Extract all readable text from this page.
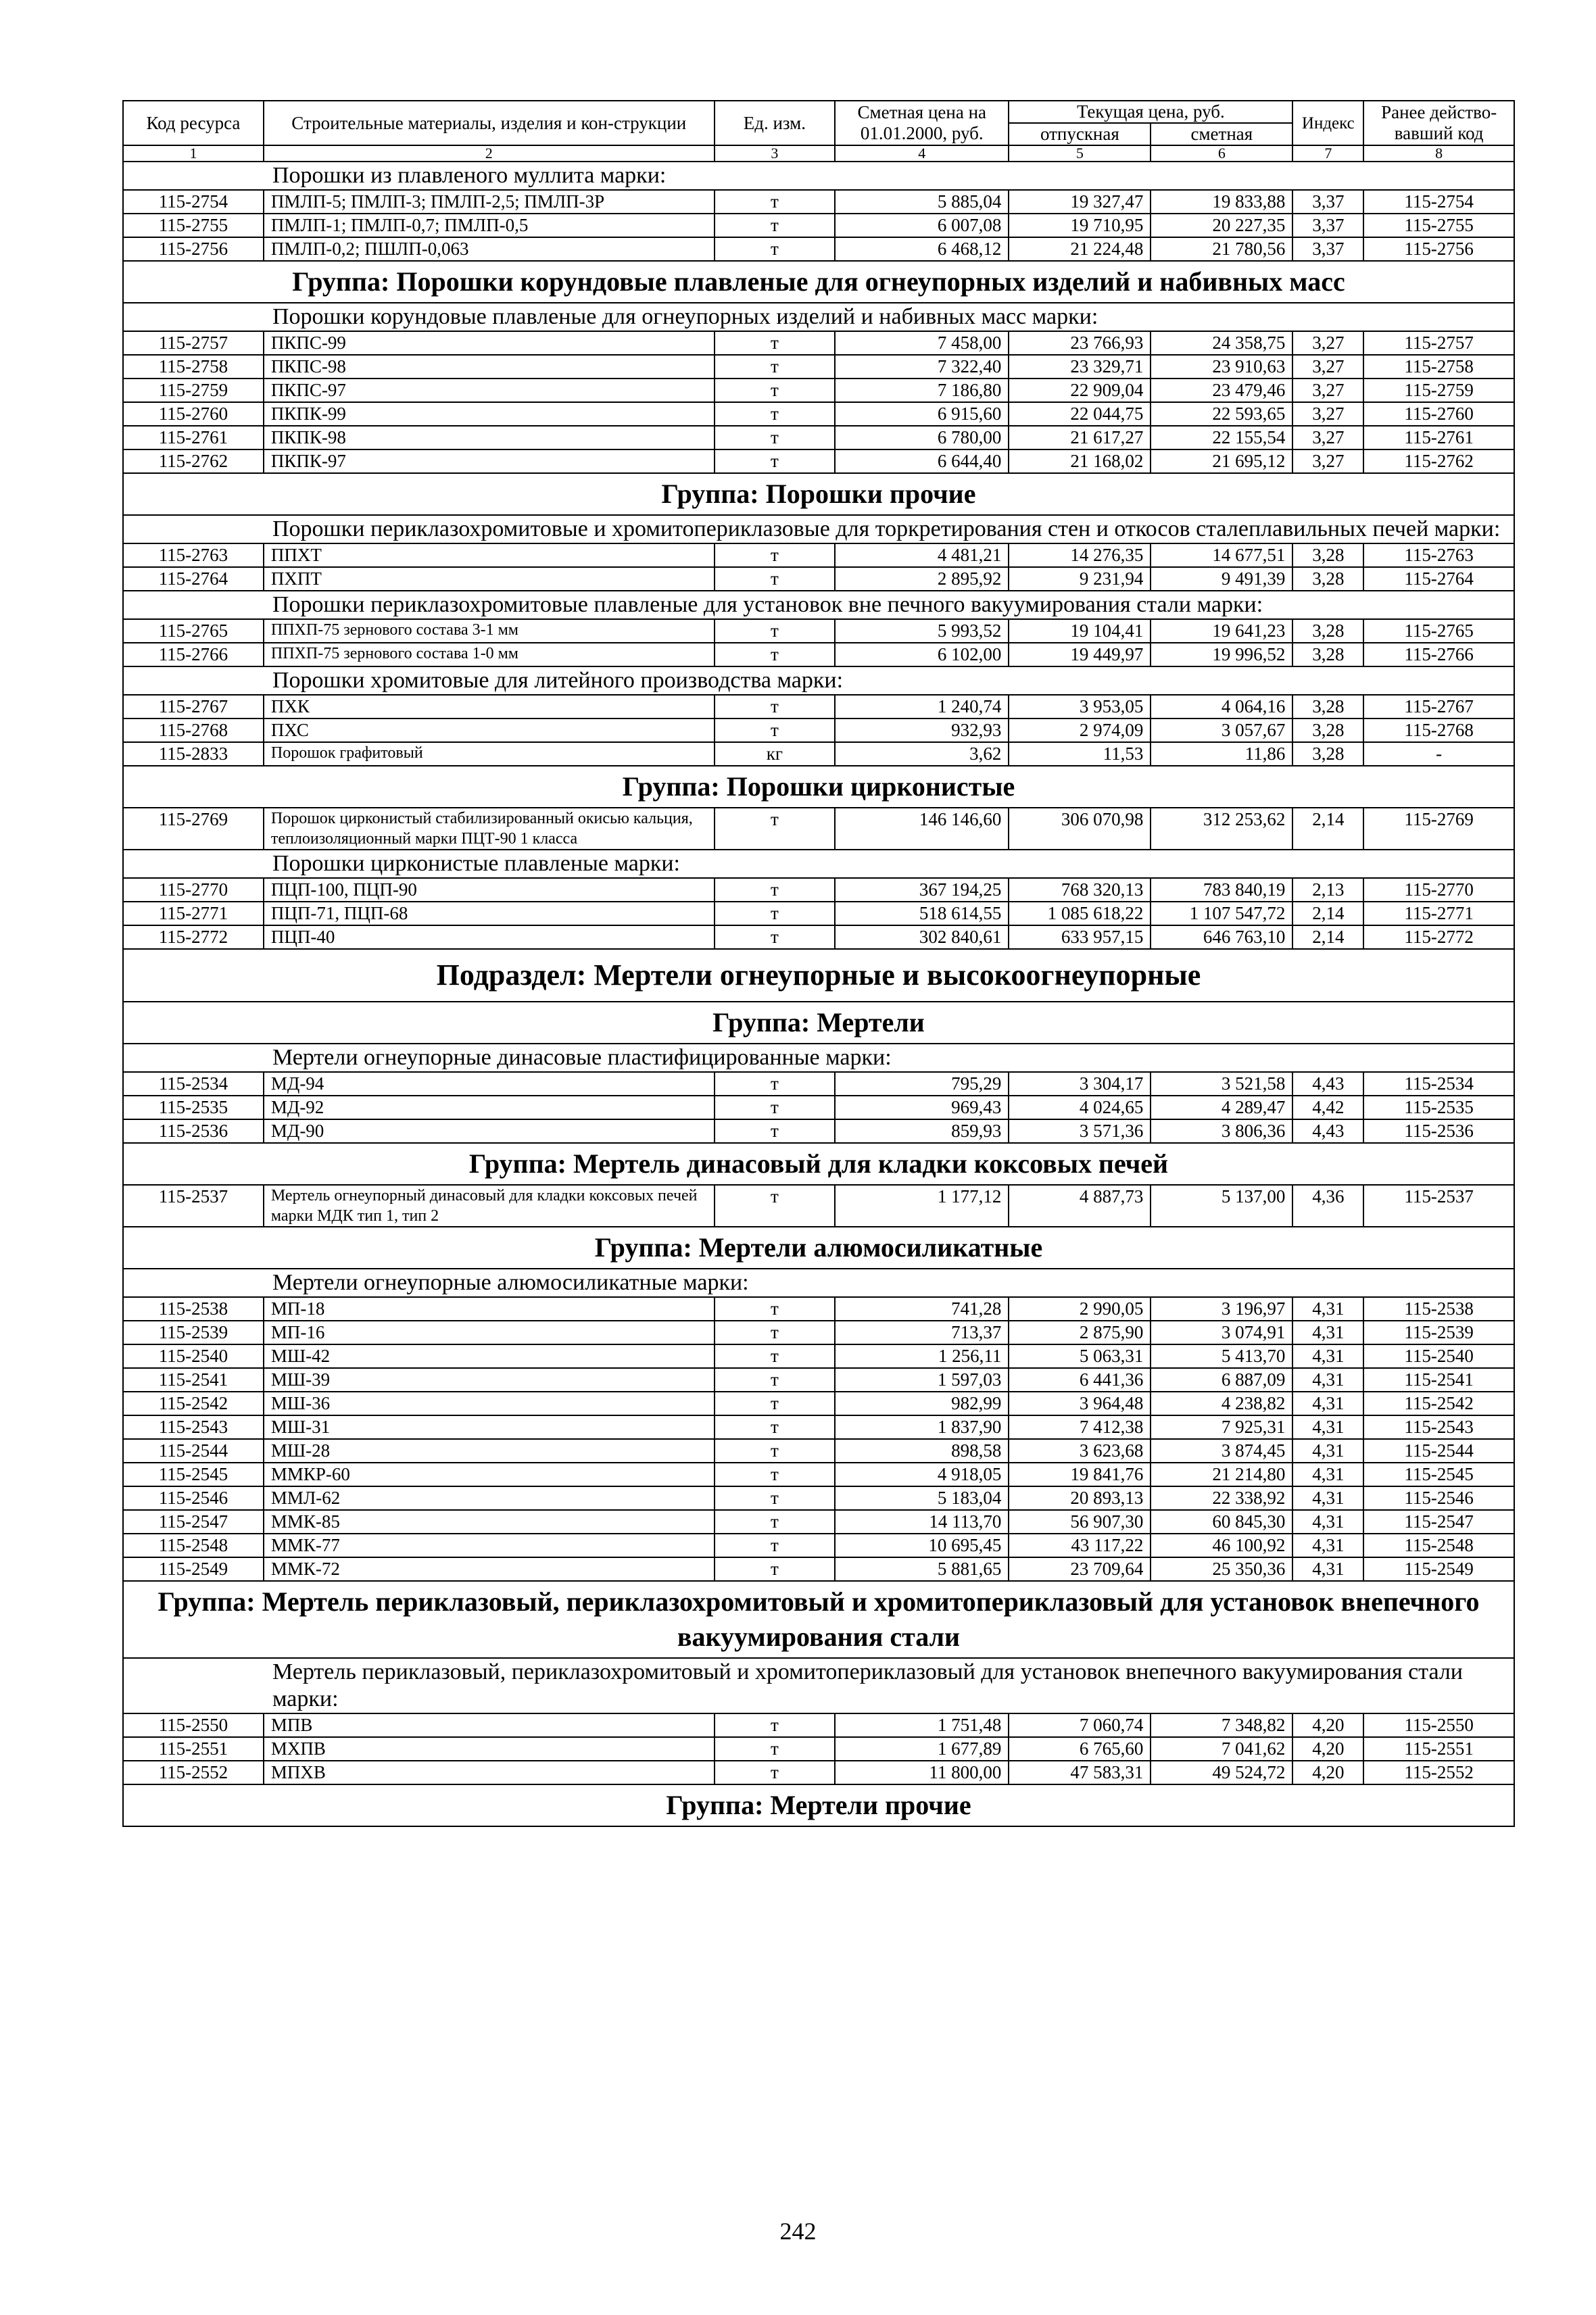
Код ресурса	Строительные материалы, изделия и кон-струкции	Ед. изм.	Сметная цена на 01.01.2000, руб.	Текущая цена, руб.		Индекс	Ранее действо-вавший код
				отпускная	сметная		
1	2	3	4	5	6	7	8
Порошки из плавленого муллита марки:							
115-2754	ПМЛП-5; ПМЛП-3; ПМЛП-2,5; ПМЛП-3Р	т	5 885,04	19 327,47	19 833,88	3,37	115-2754
115-2755	ПМЛП-1; ПМЛП-0,7; ПМЛП-0,5	т	6 007,08	19 710,95	20 227,35	3,37	115-2755
115-2756	ПМЛП-0,2; ПШЛП-0,063	т	6 468,12	21 224,48	21 780,56	3,37	115-2756
Группа: Порошки корундовые плавленые для огнеупорных изделий и набивных масс							
Порошки корундовые плавленые для огнеупорных изделий и набивных масс марки:							
115-2757	ПКПС-99	т	7 458,00	23 766,93	24 358,75	3,27	115-2757
115-2758	ПКПС-98	т	7 322,40	23 329,71	23 910,63	3,27	115-2758
115-2759	ПКПС-97	т	7 186,80	22 909,04	23 479,46	3,27	115-2759
115-2760	ПКПК-99	т	6 915,60	22 044,75	22 593,65	3,27	115-2760
115-2761	ПКПК-98	т	6 780,00	21 617,27	22 155,54	3,27	115-2761
115-2762	ПКПК-97	т	6 644,40	21 168,02	21 695,12	3,27	115-2762
Группа: Порошки прочие							
Порошки периклазохромитовые и хромитопериклазовые для торкретирования стен и откосов сталеплавильных печей марки:							
115-2763	ППХТ	т	4 481,21	14 276,35	14 677,51	3,28	115-2763
115-2764	ПХПТ	т	2 895,92	9 231,94	9 491,39	3,28	115-2764
Порошки периклазохромитовые плавленые для установок вне печного вакуумирования стали марки:							
115-2765	ППХП-75 зернового состава 3-1 мм	т	5 993,52	19 104,41	19 641,23	3,28	115-2765
115-2766	ППХП-75 зернового состава 1-0 мм	т	6 102,00	19 449,97	19 996,52	3,28	115-2766
Порошки хромитовые для литейного производства марки:							
115-2767	ПХК	т	1 240,74	3 953,05	4 064,16	3,28	115-2767
115-2768	ПХС	т	932,93	2 974,09	3 057,67	3,28	115-2768
115-2833	Порошок графитовый	кг	3,62	11,53	11,86	3,28	-
Группа: Порошки цирконистые							
115-2769	Порошок цирконистый стабилизированный окисью кальция, теплоизоляционный марки ПЦТ-90 1 класса	т	146 146,60	306 070,98	312 253,62	2,14	115-2769
Порошки цирконистые плавленые марки:							
115-2770	ПЦП-100, ПЦП-90	т	367 194,25	768 320,13	783 840,19	2,13	115-2770
115-2771	ПЦП-71, ПЦП-68	т	518 614,55	1 085 618,22	1 107 547,72	2,14	115-2771
115-2772	ПЦП-40	т	302 840,61	633 957,15	646 763,10	2,14	115-2772
Подраздел: Мертели огнеупорные и высокоогнеупорные							
Группа: Мертели							
Мертели огнеупорные динасовые пластифицированные марки:							
115-2534	МД-94	т	795,29	3 304,17	3 521,58	4,43	115-2534
115-2535	МД-92	т	969,43	4 024,65	4 289,47	4,42	115-2535
115-2536	МД-90	т	859,93	3 571,36	3 806,36	4,43	115-2536
Группа: Мертель динасовый для кладки коксовых печей							
115-2537	Мертель огнеупорный динасовый для кладки коксовых печей марки МДК тип 1, тип 2	т	1 177,12	4 887,73	5 137,00	4,36	115-2537
Группа: Мертели алюмосиликатные							
Мертели огнеупорные алюмосиликатные марки:							
115-2538	МП-18	т	741,28	2 990,05	3 196,97	4,31	115-2538
115-2539	МП-16	т	713,37	2 875,90	3 074,91	4,31	115-2539
115-2540	МШ-42	т	1 256,11	5 063,31	5 413,70	4,31	115-2540
115-2541	МШ-39	т	1 597,03	6 441,36	6 887,09	4,31	115-2541
115-2542	МШ-36	т	982,99	3 964,48	4 238,82	4,31	115-2542
115-2543	МШ-31	т	1 837,90	7 412,38	7 925,31	4,31	115-2543
115-2544	МШ-28	т	898,58	3 623,68	3 874,45	4,31	115-2544
115-2545	ММКР-60	т	4 918,05	19 841,76	21 214,80	4,31	115-2545
115-2546	ММЛ-62	т	5 183,04	20 893,13	22 338,92	4,31	115-2546
115-2547	ММК-85	т	14 113,70	56 907,30	60 845,30	4,31	115-2547
115-2548	ММК-77	т	10 695,45	43 117,22	46 100,92	4,31	115-2548
115-2549	ММК-72	т	5 881,65	23 709,64	25 350,36	4,31	115-2549
Группа: Мертель периклазовый, периклазохромитовый и хромитопериклазовый для установок внепечного вакуумирования стали							
Мертель периклазовый, периклазохромитовый и хромитопериклазовый для установок внепечного вакуумирования стали марки:							
115-2550	МПВ	т	1 751,48	7 060,74	7 348,82	4,20	115-2550
115-2551	МХПВ	т	1 677,89	6 765,60	7 041,62	4,20	115-2551
115-2552	МПХВ	т	11 800,00	47 583,31	49 524,72	4,20	115-2552
Группа: Мертели прочие							
242
